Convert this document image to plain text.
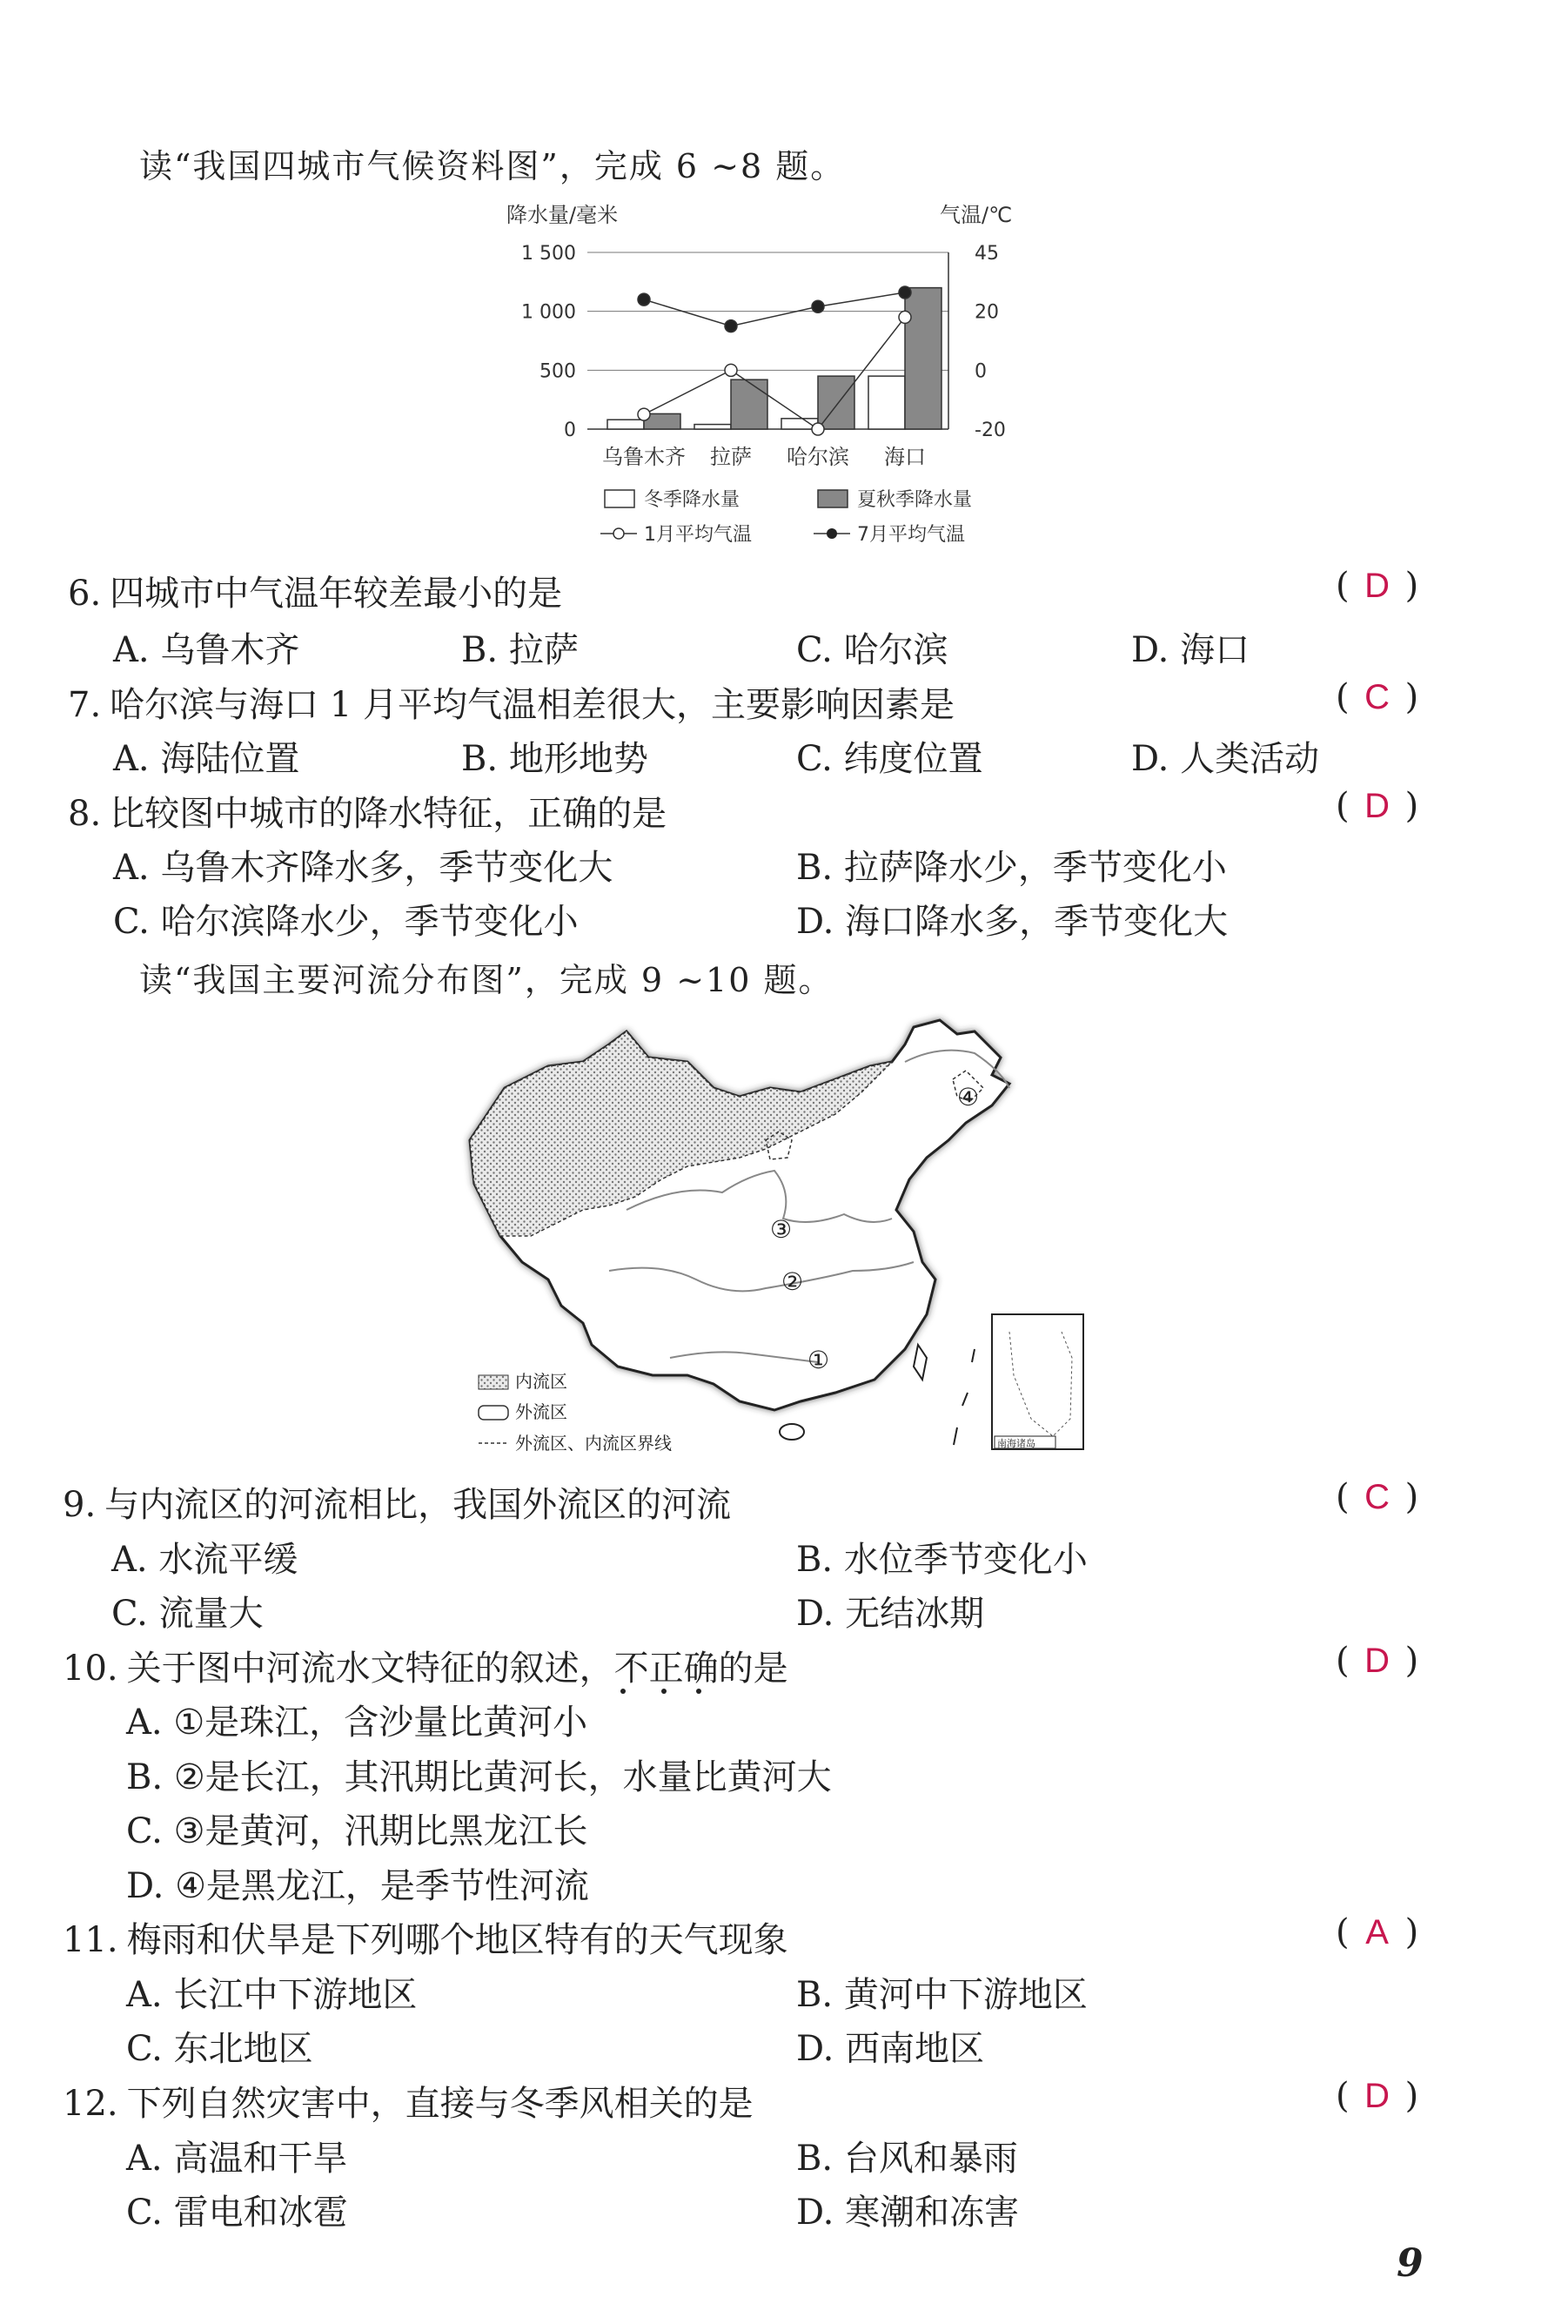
读“我国四城市气候资料图”，完成 6 ~8 题。
降水量/毫米	气温/℃
1 500	45
1 000	20
500	0
0	-20
乌鲁木齐 拉萨 哈尔滨 海口
冬季降水量	夏秋季降水量
1月平均气温	7月平均气温
6. 四城市中气温年较差最小的是	( D )
A. 乌鲁木齐	B. 拉萨	C. 哈尔滨	D. 海口
7. 哈尔滨与海口 1 月平均气温相差很大，主要影响因素是	( C )
A. 海陆位置	B. 地形地势	C. 纬度位置	D. 人类活动
8. 比较图中城市的降水特征，正确的是	( D )
A. 乌鲁木齐降水多，季节变化大	B. 拉萨降水少，季节变化小
C. 哈尔滨降水少，季节变化小	D. 海口降水多，季节变化大
读“我国主要河流分布图”，完成 9 ~10 题。
①
②
③
④
南海诸岛
内流区
外流区
外流区、内流区界线
9. 与内流区的河流相比，我国外流区的河流	( C )
A. 水流平缓	B. 水位季节变化小
C. 流量大	D. 无结冰期
10. 关于图中河流水文特征的叙述，不正确的是	( D )
A. ①是珠江，含沙量比黄河小
B. ②是长江，其汛期比黄河长，水量比黄河大
C. ③是黄河，汛期比黑龙江长
D. ④是黑龙江，是季节性河流
11. 梅雨和伏旱是下列哪个地区特有的天气现象	( A )
A. 长江中下游地区	B. 黄河中下游地区
C. 东北地区	D. 西南地区
12. 下列自然灾害中，直接与冬季风相关的是	( D )
A. 高温和干旱	B. 台风和暴雨
C. 雷电和冰雹	D. 寒潮和冻害
9
